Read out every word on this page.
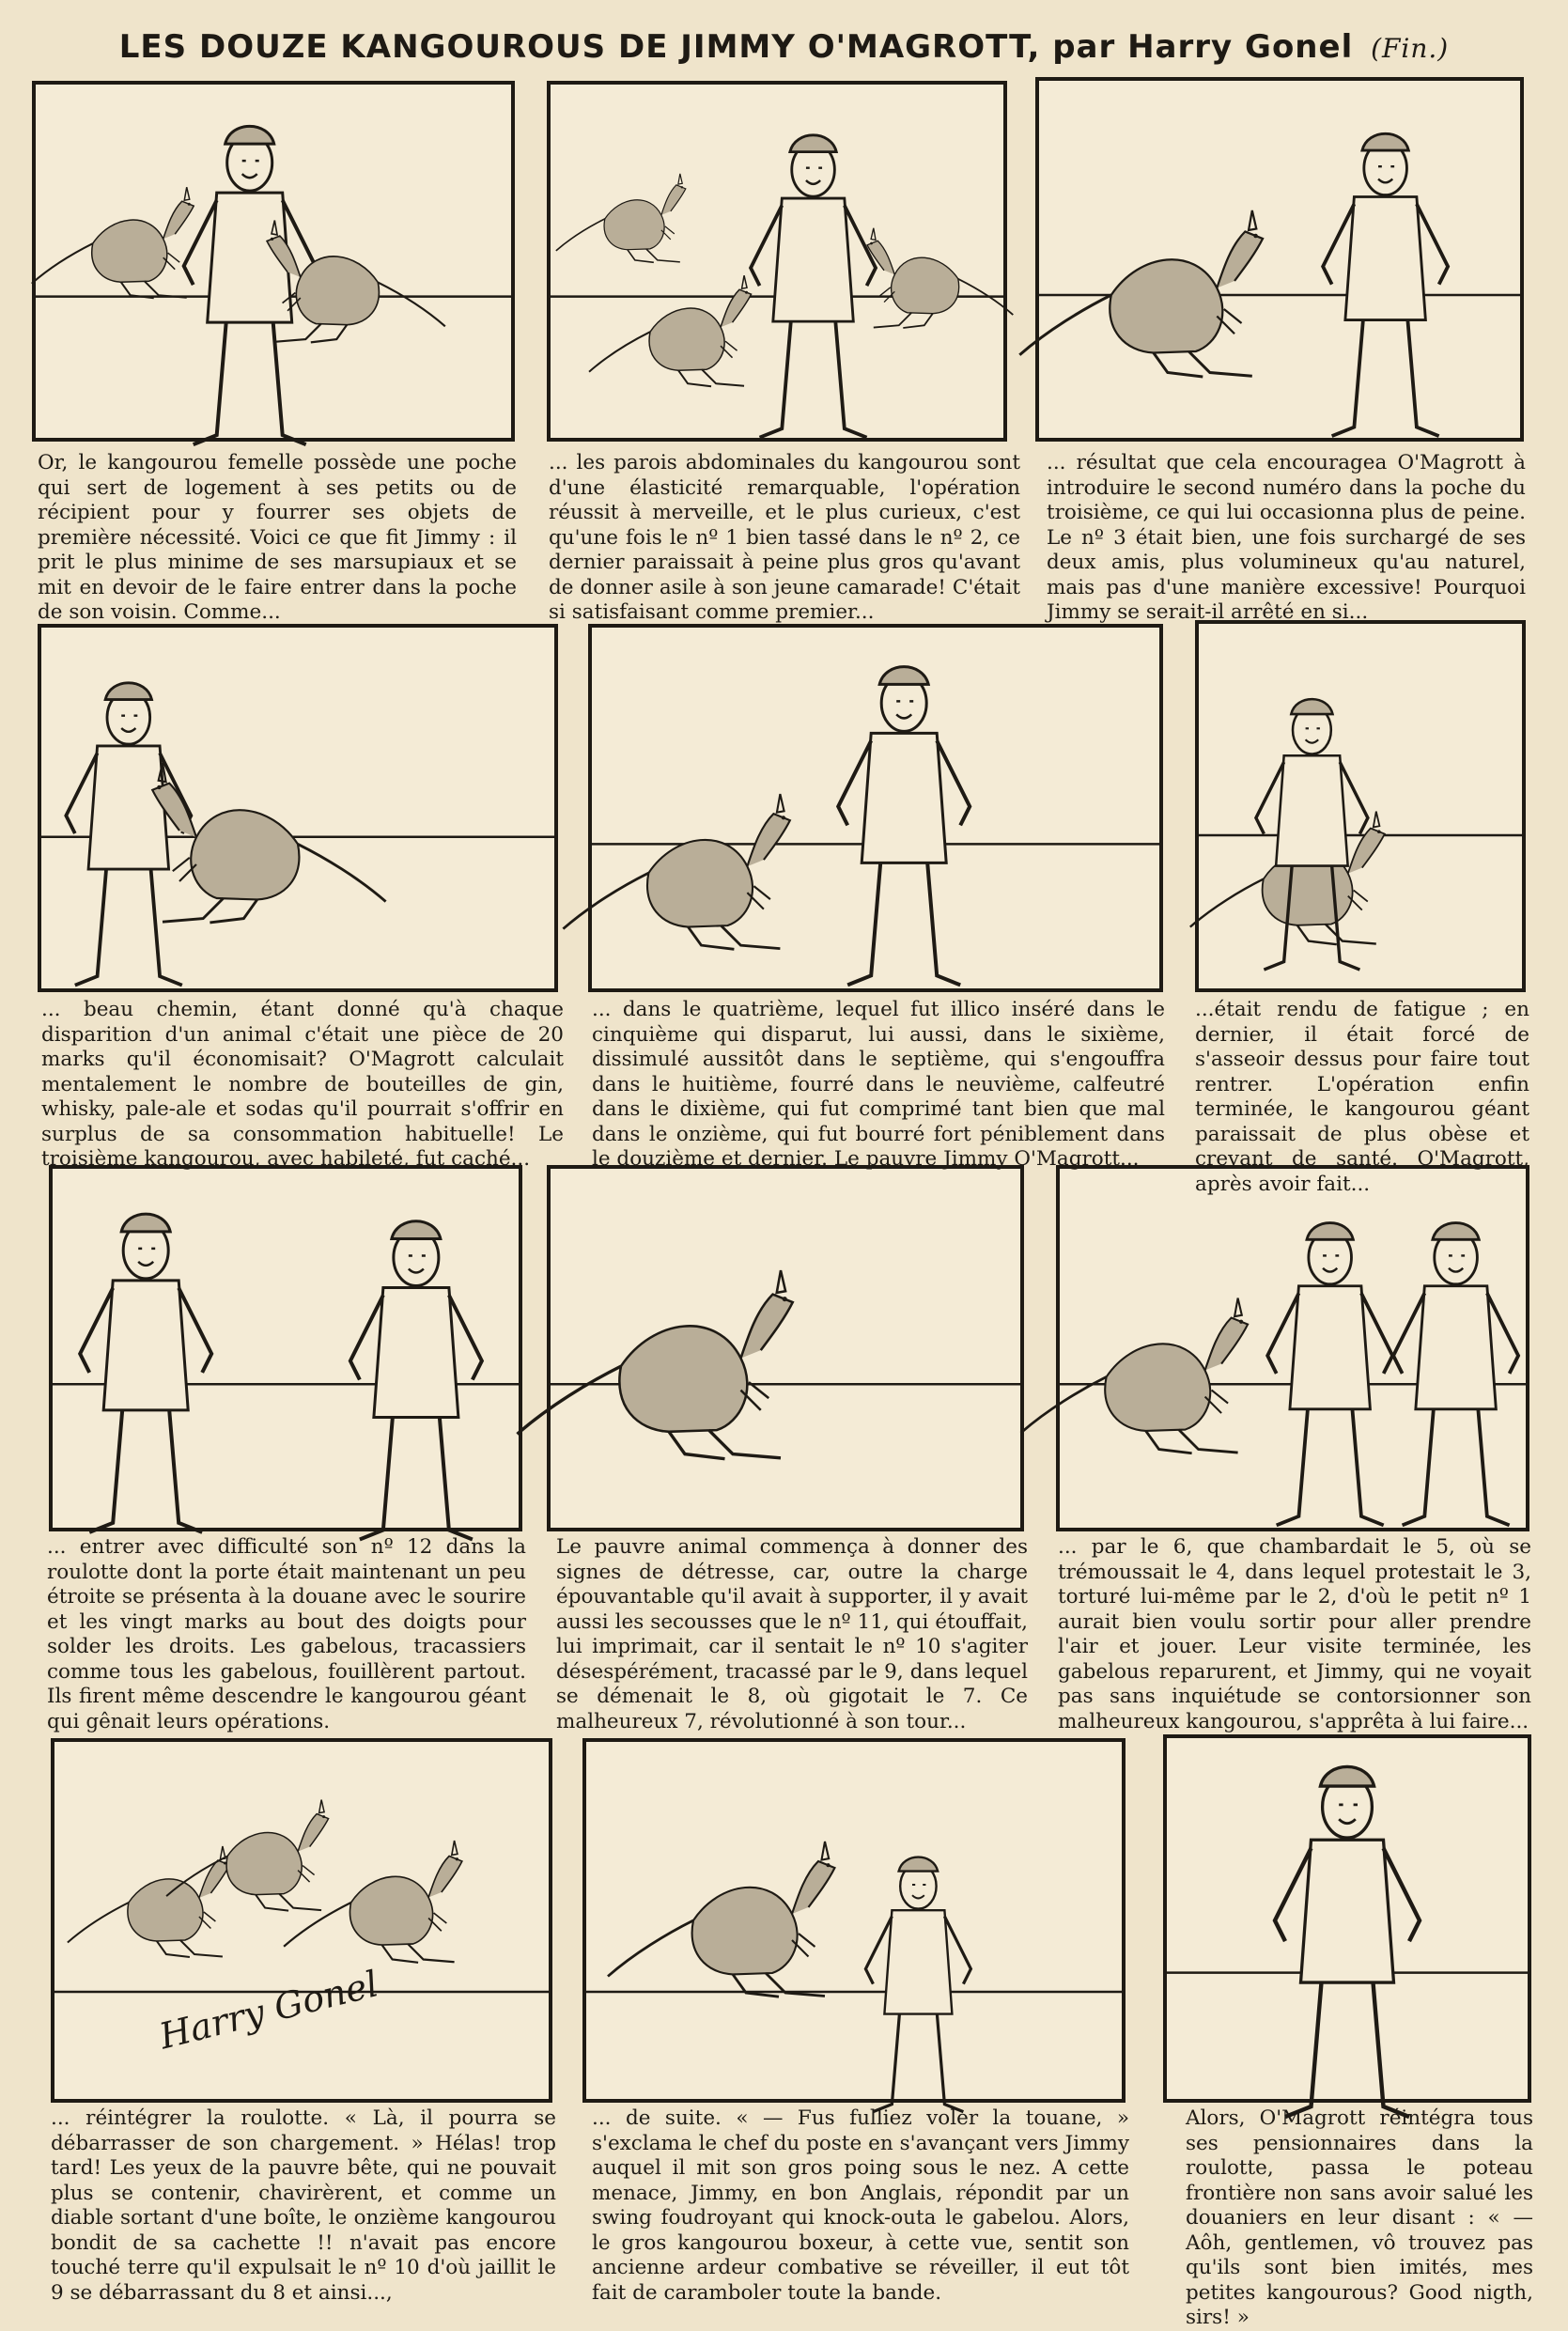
LES DOUZE KANGOUROUS DE JIMMY O'MAGROTT, par Harry Gonel (Fin.)
Harry Gonel

Or, le kangourou femelle possède une poche qui sert de logement à ses petits ou de récipient pour y fourrer ses objets de première nécessité. Voici ce que fit Jimmy : il prit le plus minime de ses marsupiaux et se mit en devoir de le faire entrer dans la poche de son voisin. Comme...

... les parois abdominales du kangourou sont d'une élasticité remarquable, l'opération réussit à merveille, et le plus curieux, c'est qu'une fois le nº 1 bien tassé dans le nº 2, ce dernier paraissait à peine plus gros qu'avant de donner asile à son jeune camarade! C'était si satisfaisant comme premier...

... résultat que cela encouragea O'Magrott à introduire le second numéro dans la poche du troisième, ce qui lui occasionna plus de peine. Le nº 3 était bien, une fois surchargé de ses deux amis, plus volumineux qu'au naturel, mais pas d'une manière excessive! Pourquoi Jimmy se serait-il arrêté en si...

... beau chemin, étant donné qu'à chaque disparition d'un animal c'était une pièce de 20 marks qu'il économisait? O'Magrott calculait mentalement le nombre de bouteilles de gin, whisky, pale-ale et sodas qu'il pourrait s'offrir en surplus de sa consommation habituelle! Le troisième kangourou, avec habileté, fut caché...

... dans le quatrième, lequel fut illico inséré dans le cinquième qui disparut, lui aussi, dans le sixième, dissimulé aussitôt dans le septième, qui s'engouffra dans le huitième, fourré dans le neuvième, calfeutré dans le dixième, qui fut comprimé tant bien que mal dans le onzième, qui fut bourré fort péniblement dans le douzième et dernier. Le pauvre Jimmy O'Magrott...

...était rendu de fatigue ; en dernier, il était forcé de s'asseoir dessus pour faire tout rentrer. L'opération enfin terminée, le kangourou géant paraissait de plus obèse et crevant de santé. O'Magrott, après avoir fait...

... entrer avec difficulté son nº 12 dans la roulotte dont la porte était maintenant un peu étroite se présenta à la douane avec le sourire et les vingt marks au bout des doigts pour solder les droits. Les gabelous, tracassiers comme tous les gabelous, fouillèrent partout. Ils firent même descendre le kangourou géant qui gênait leurs opérations.

Le pauvre animal commença à donner des signes de détresse, car, outre la charge épouvantable qu'il avait à supporter, il y avait aussi les secousses que le nº 11, qui étouffait, lui imprimait, car il sentait le nº 10 s'agiter désespérément, tracassé par le 9, dans lequel se démenait le 8, où gigotait le 7. Ce malheureux 7, révolutionné à son tour...

... par le 6, que chambardait le 5, où se trémoussait le 4, dans lequel protestait le 3, torturé lui-même par le 2, d'où le petit nº 1 aurait bien voulu sortir pour aller prendre l'air et jouer. Leur visite terminée, les gabelous reparurent, et Jimmy, qui ne voyait pas sans inquiétude se contorsionner son malheureux kangourou, s'apprêta à lui faire...

... réintégrer la roulotte. « Là, il pourra se débarrasser de son chargement. » Hélas! trop tard! Les yeux de la pauvre bête, qui ne pouvait plus se contenir, chavirèrent, et comme un diable sortant d'une boîte, le onzième kangourou bondit de sa cachette !! n'avait pas encore touché terre qu'il expulsait le nº 10 d'où jaillit le 9 se débarrassant du 8 et ainsi...,

... de suite. « — Fus fulliez voler la touane, » s'exclama le chef du poste en s'avançant vers Jimmy auquel il mit son gros poing sous le nez. A cette menace, Jimmy, en bon Anglais, répondit par un swing foudroyant qui knock-outa le gabelou. Alors, le gros kangourou boxeur, à cette vue, sentit son ancienne ardeur combative se réveiller, il eut tôt fait de caramboler toute la bande.

Alors, O'Magrott réintégra tous ses pensionnaires dans la roulotte, passa le poteau frontière non sans avoir salué les douaniers en leur disant : « — Aôh, gentlemen, vô trouvez pas qu'ils sont bien imités, mes petites kangourous? Good nigth, sirs! »
